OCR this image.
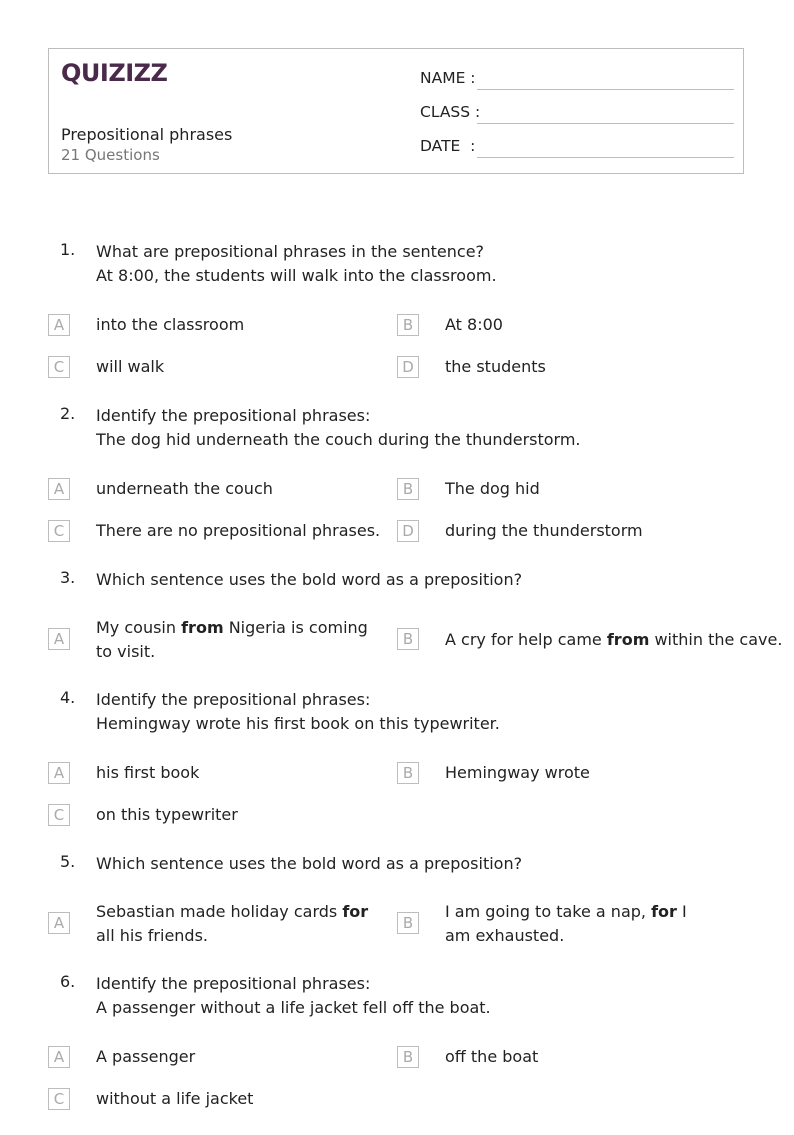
QUIZIZZ
Prepositional phrases
21 Questions
NAME :
CLASS :
DATE  :
1. What are prepositional phrases in the sentence?
At 8:00, the students will walk into the classroom.
A	into the classroom	B	At 8:00
C	will walk	D	the students
2. Identify the prepositional phrases:
The dog hid underneath the couch during the thunderstorm.
A	underneath the couch	B	The dog hid
C	There are no prepositional phrases.	D	during the thunderstorm
3. Which sentence uses the bold word as a preposition?
A
My cousin from Nigeria is coming to visit.
B	A cry for help came from within the cave.
4. Identify the prepositional phrases:
Hemingway wrote his first book on this typewriter.
A	his first book	B	Hemingway wrote
C	on this typewriter
5. Which sentence uses the bold word as a preposition?
A
Sebastian made holiday cards for all his friends.
B
I am going to take a nap, for I am exhausted.
6. Identify the prepositional phrases:
A passenger without a life jacket fell off the boat.
A	A passenger	B	off the boat
C	without a life jacket
